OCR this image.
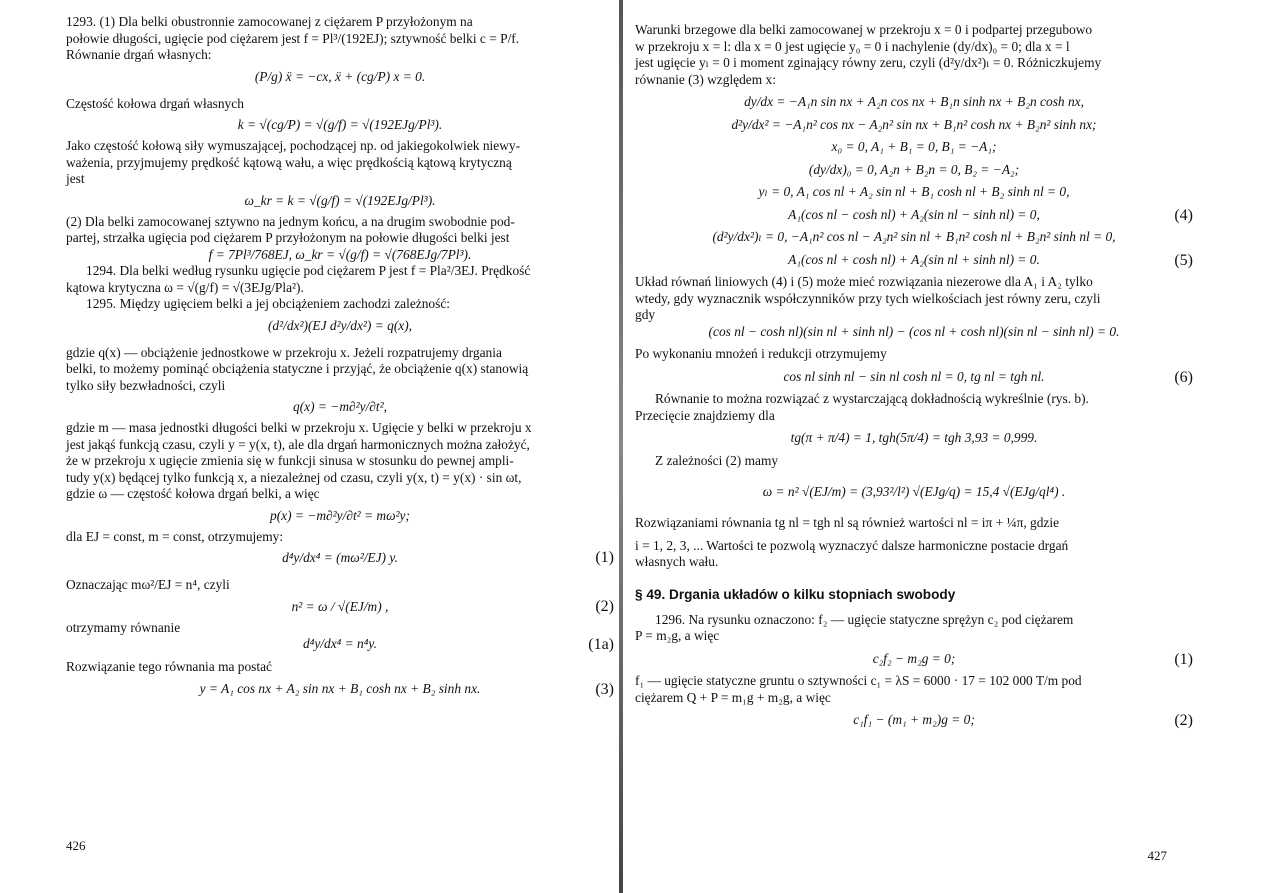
1293. (1) Dla belki obustronnie zamocowanej z ciężarem P przyłożonym na

połowie długości, ugięcie pod ciężarem jest f = Pl³/(192EJ); sztywność belki c = P/f.

Równanie drgań własnych:

(P/g) ẍ = −cx, ẍ + (cg/P) x = 0.

Częstość kołowa drgań własnych

k = √(cg/P) = √(g/f) = √(192EJg/Pl³).

Jako częstość kołową siły wymuszającej, pochodzącej np. od jakiegokolwiek niewy-

ważenia, przyjmujemy prędkość kątową wału, a więc prędkością kątową krytyczną

jest

ω_kr = k = √(g/f) = √(192EJg/Pl³).

(2) Dla belki zamocowanej sztywno na jednym końcu, a na drugim swobodnie pod-

partej, strzałka ugięcia pod ciężarem P przyłożonym na połowie długości belki jest

f = 7Pl³/768EJ, ω_kr = √(g/f) = √(768EJg/7Pl³).

1294. Dla belki według rysunku ugięcie pod ciężarem P jest f = Pla²/3EJ. Prędkość

kątowa krytyczna ω = √(g/f) = √(3EJg/Pla²).

1295. Między ugięciem belki a jej obciążeniem zachodzi zależność:

(d²/dx²)(EJ d²y/dx²) = q(x),

gdzie q(x) — obciążenie jednostkowe w przekroju x. Jeżeli rozpatrujemy drgania

belki, to możemy pominąć obciążenia statyczne i przyjąć, że obciążenie q(x) stanowią

tylko siły bezwładności, czyli

q(x) = −m∂²y/∂t²,

gdzie m — masa jednostki długości belki w przekroju x. Ugięcie y belki w przekroju x

jest jakąś funkcją czasu, czyli y = y(x, t), ale dla drgań harmonicznych można założyć,

że w przekroju x ugięcie zmienia się w funkcji sinusa w stosunku do pewnej ampli-

tudy y(x) będącej tylko funkcją x, a niezależnej od czasu, czyli y(x, t) = y(x) · sin ωt,

gdzie ω — częstość kołowa drgań belki, a więc

p(x) = −m∂²y/∂t² = mω²y;

dla EJ = const, m = const, otrzymujemy:

d⁴y/dx⁴ = (mω²/EJ) y.	(1)

Oznaczając mω²/EJ = n⁴, czyli

n² = ω / √(EJ/m) ,	(2)

otrzymamy równanie

d⁴y/dx⁴ = n⁴y.	(1a)

Rozwiązanie tego równania ma postać

y = A₁ cos nx + A₂ sin nx + B₁ cosh nx + B₂ sinh nx.	(3)
426

Warunki brzegowe dla belki zamocowanej w przekroju x = 0 i podpartej przegubowo

w przekroju x = l: dla x = 0 jest ugięcie y₀ = 0 i nachylenie (dy/dx)₀ = 0; dla x = l

jest ugięcie yₗ = 0 i moment zginający równy zeru, czyli (d²y/dx²)ₗ = 0. Różniczkujemy

równanie (3) względem x:

dy/dx = −A₁n sin nx + A₂n cos nx + B₁n sinh nx + B₂n cosh nx,

d²y/dx² = −A₁n² cos nx − A₂n² sin nx + B₁n² cosh nx + B₂n² sinh nx;

x₀ = 0, A₁ + B₁ = 0, B₁ = −A₁;

(dy/dx)₀ = 0, A₂n + B₂n = 0, B₂ = −A₂;

yₗ = 0, A₁ cos nl + A₂ sin nl + B₁ cosh nl + B₂ sinh nl = 0,

A₁(cos nl − cosh nl) + A₂(sin nl − sinh nl) = 0,	(4)

(d²y/dx²)ₗ = 0, −A₁n² cos nl − A₂n² sin nl + B₁n² cosh nl + B₂n² sinh nl = 0,

A₁(cos nl + cosh nl) + A₂(sin nl + sinh nl) = 0.	(5)

Układ równań liniowych (4) i (5) może mieć rozwiązania niezerowe dla A₁ i A₂ tylko

wtedy, gdy wyznacznik współczynników przy tych wielkościach jest równy zeru, czyli

gdy

(cos nl − cosh nl)(sin nl + sinh nl) − (cos nl + cosh nl)(sin nl − sinh nl) = 0.

Po wykonaniu mnożeń i redukcji otrzymujemy

cos nl sinh nl − sin nl cosh nl = 0, tg nl = tgh nl.	(6)

Równanie to można rozwiązać z wystarczającą dokładnością wykreślnie (rys. b).

Przecięcie znajdziemy dla

tg(π + π/4) = 1, tgh(5π/4) = tgh 3,93 = 0,999.

Z zależności (2) mamy

ω = n² √(EJ/m) = (3,93²/l²) √(EJg/q) = 15,4 √(EJg/ql⁴) .

Rozwiązaniami równania tg nl = tgh nl są również wartości nl = iπ + ¼π, gdzie

i = 1, 2, 3, ... Wartości te pozwolą wyznaczyć dalsze harmoniczne postacie drgań

własnych wału.

§ 49. Drgania układów o kilku stopniach swobody

1296. Na rysunku oznaczono: f₂ — ugięcie statyczne sprężyn c₂ pod ciężarem

P = m₂g, a więc

c₂f₂ − m₂g = 0;	(1)

f₁ — ugięcie statyczne gruntu o sztywności c₁ = λS = 6000 · 17 = 102 000 T/m pod

ciężarem Q + P = m₁g + m₂g, a więc

c₁f₁ − (m₁ + m₂)g = 0;	(2)
427
